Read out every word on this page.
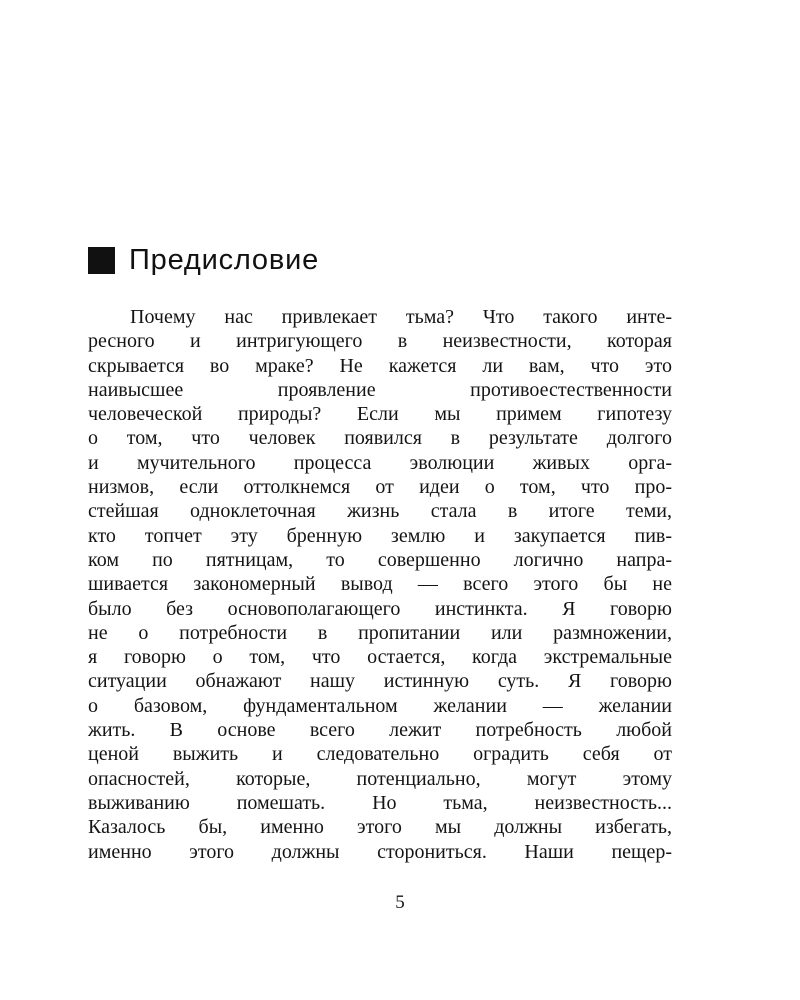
Предисловие
Почему нас привлекает тьма? Что такого инте-
ресного и интригующего в неизвестности, которая
скрывается во мраке? Не кажется ли вам, что это
наивысшее проявление противоестественности
человеческой природы? Если мы примем гипотезу
о том, что человек появился в результате долгого
и мучительного процесса эволюции живых орга-
низмов, если оттолкнемся от идеи о том, что про-
стейшая одноклеточная жизнь стала в итоге теми,
кто топчет эту бренную землю и закупается пив-
ком по пятницам, то совершенно логично напра-
шивается закономерный вывод — всего этого бы не
было без основополагающего инстинкта. Я говорю
не о потребности в пропитании или размножении,
я говорю о том, что остается, когда экстремальные
ситуации обнажают нашу истинную суть. Я говорю
о базовом, фундаментальном желании — желании
жить. В основе всего лежит потребность любой
ценой выжить и следовательно оградить себя от
опасностей, которые, потенциально, могут этому
выживанию помешать. Но тьма, неизвестность...
Казалось бы, именно этого мы должны избегать,
именно этого должны сторониться. Наши пещер-
5
